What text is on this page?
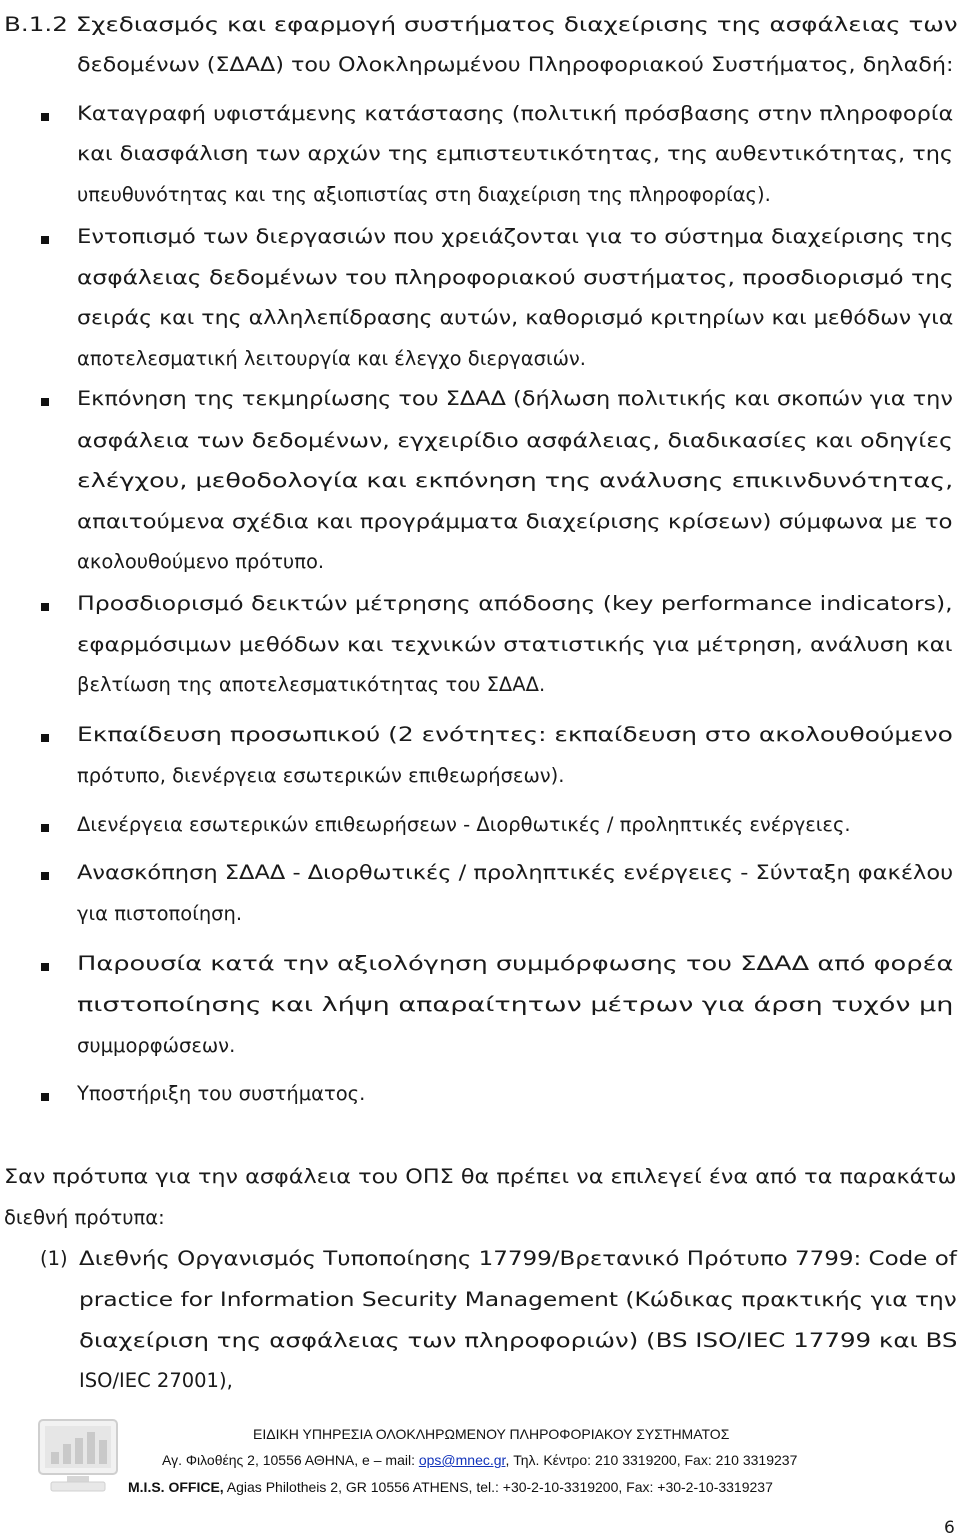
B.1.2 Σχεδιασμός και εφαρμογή συστήματος διαχείρισης της ασφάλειας των
δεδομένων (ΣΔΑΔ) του Ολοκληρωμένου Πληροφοριακού Συστήματος, δηλαδή:
Καταγραφή υφιστάμενης κατάστασης (πολιτική πρόσβασης στην πληροφορία
και διασφάλιση των αρχών της εμπιστευτικότητας, της αυθεντικότητας, της
υπευθυνότητας και της αξιοπιστίας στη διαχείριση της πληροφορίας).
Εντοπισμό των διεργασιών που χρειάζονται για το σύστημα διαχείρισης της
ασφάλειας δεδομένων του πληροφοριακού συστήματος, προσδιορισμό της
σειράς και της αλληλεπίδρασης αυτών, καθορισμό κριτηρίων και μεθόδων για
αποτελεσματική λειτουργία και έλεγχο διεργασιών.
Εκπόνηση της τεκμηρίωσης του ΣΔΑΔ (δήλωση πολιτικής και σκοπών για την
ασφάλεια των δεδομένων, εγχειρίδιο ασφάλειας, διαδικασίες και οδηγίες
ελέγχου, μεθοδολογία και εκπόνηση της ανάλυσης επικινδυνότητας,
απαιτούμενα σχέδια και προγράμματα διαχείρισης κρίσεων) σύμφωνα με το
ακολουθούμενο πρότυπο.
Προσδιορισμό δεικτών μέτρησης απόδοσης (key performance indicators),
εφαρμόσιμων μεθόδων και τεχνικών στατιστικής για μέτρηση, ανάλυση και
βελτίωση της αποτελεσματικότητας του ΣΔΑΔ.
Εκπαίδευση προσωπικού (2 ενότητες: εκπαίδευση στο ακολουθούμενο
πρότυπο, διενέργεια εσωτερικών επιθεωρήσεων).
Διενέργεια εσωτερικών επιθεωρήσεων - Διορθωτικές / προληπτικές ενέργειες.
Ανασκόπηση ΣΔΑΔ - Διορθωτικές / προληπτικές ενέργειες - Σύνταξη φακέλου
για πιστοποίηση.
Παρουσία κατά την αξιολόγηση συμμόρφωσης του ΣΔΑΔ από φορέα
πιστοποίησης και λήψη απαραίτητων μέτρων για άρση τυχόν μη
συμμορφώσεων.
Υποστήριξη του συστήματος.
Σαν πρότυπα για την ασφάλεια του ΟΠΣ θα πρέπει να επιλεγεί ένα από τα παρακάτω
διεθνή πρότυπα:
(1) Διεθνής Οργανισμός Τυποποίησης 17799/Βρετανικό Πρότυπο 7799: Code of
practice for Information Security Management (Κώδικας πρακτικής για την
διαχείριση της ασφάλειας των πληροφοριών) (BS ISO/IEC 17799 και BS
ISO/IEC 27001),
ΕΙΔΙΚΗ ΥΠΗΡΕΣΙΑ ΟΛΟΚΛΗΡΩΜΕΝΟΥ ΠΛΗΡΟΦΟΡΙΑΚΟΥ ΣΥΣΤΗΜΑΤΟΣ
Αγ. Φιλοθέης 2, 10556 ΑΘΗΝΑ, e – mail: ops@mnec.gr, Τηλ. Κέντρο: 210 3319200, Fax: 210 3319237
M.I.S. OFFICE, Agias Philotheis 2, GR 10556 ATHENS, tel.: +30-2-10-3319200, Fax: +30-2-10-3319237
6
